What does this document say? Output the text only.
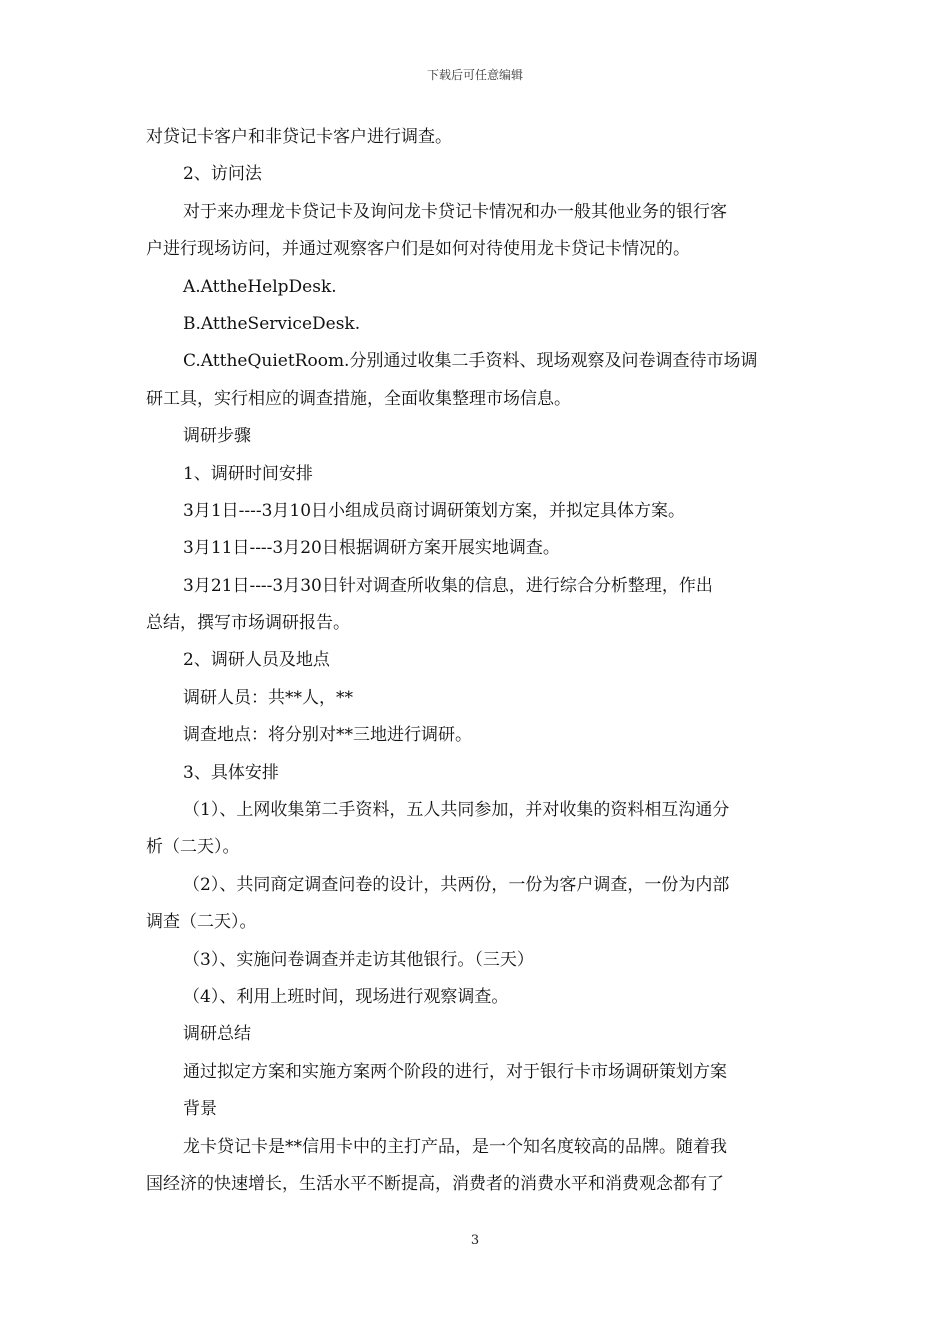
下载后可任意编辑
对贷记卡客户和非贷记卡客户进行调查。
2、访问法
对于来办理龙卡贷记卡及询问龙卡贷记卡情况和办一般其他业务的银行客
户进行现场访问，并通过观察客户们是如何对待使用龙卡贷记卡情况的。
A.AttheHelpDesk.
B.AttheServiceDesk.
C.AttheQuietRoom.分别通过收集二手资料、现场观察及问卷调查待市场调
研工具，实行相应的调查措施，全面收集整理市场信息。
调研步骤
1、调研时间安排
3月1日----3月10日小组成员商讨调研策划方案，并拟定具体方案。
3月11日----3月20日根据调研方案开展实地调查。
3月21日----3月30日针对调查所收集的信息，进行综合分析整理，作出
总结，撰写市场调研报告。
2、调研人员及地点
调研人员：共**人，**
调查地点：将分别对**三地进行调研。
3、具体安排
（1）、上网收集第二手资料，五人共同参加，并对收集的资料相互沟通分
析（二天）。
（2）、共同商定调查问卷的设计，共两份，一份为客户调查，一份为内部
调查（二天）。
（3）、实施问卷调查并走访其他银行。（三天）
（4）、利用上班时间，现场进行观察调查。
调研总结
通过拟定方案和实施方案两个阶段的进行，对于银行卡市场调研策划方案
背景
龙卡贷记卡是**信用卡中的主打产品，是一个知名度较高的品牌。随着我
国经济的快速增长，生活水平不断提高，消费者的消费水平和消费观念都有了
3
